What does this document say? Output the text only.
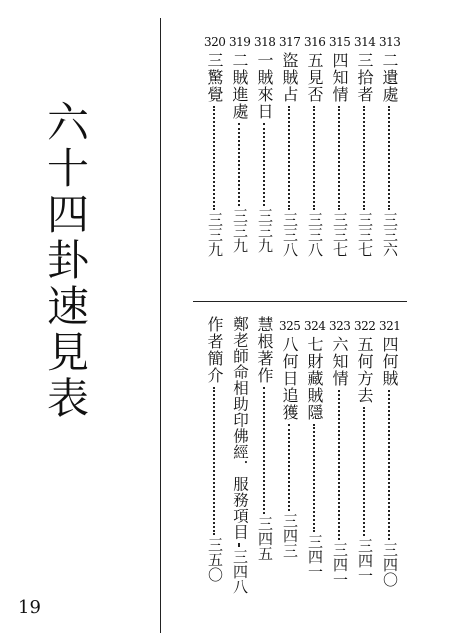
六十四卦速見表
19
313
二遺處
三三六
314
三拾者
三三七
315
四知情
三三七
316
五見否
三三八
317
盜賊占
三三八
318
一賊來日
三三九
319
二賊進處
三三九
320
三驚覺
三三九
321
四何賊
三四〇
322
五何方去
三四一
323
六知情
三四一
324
七財藏賊隱
三四一
325
八何日追獲
三四三
慧根著作
三四五
鄭老師命相助印佛經．服務項目
三四八
作者簡介
三五〇
